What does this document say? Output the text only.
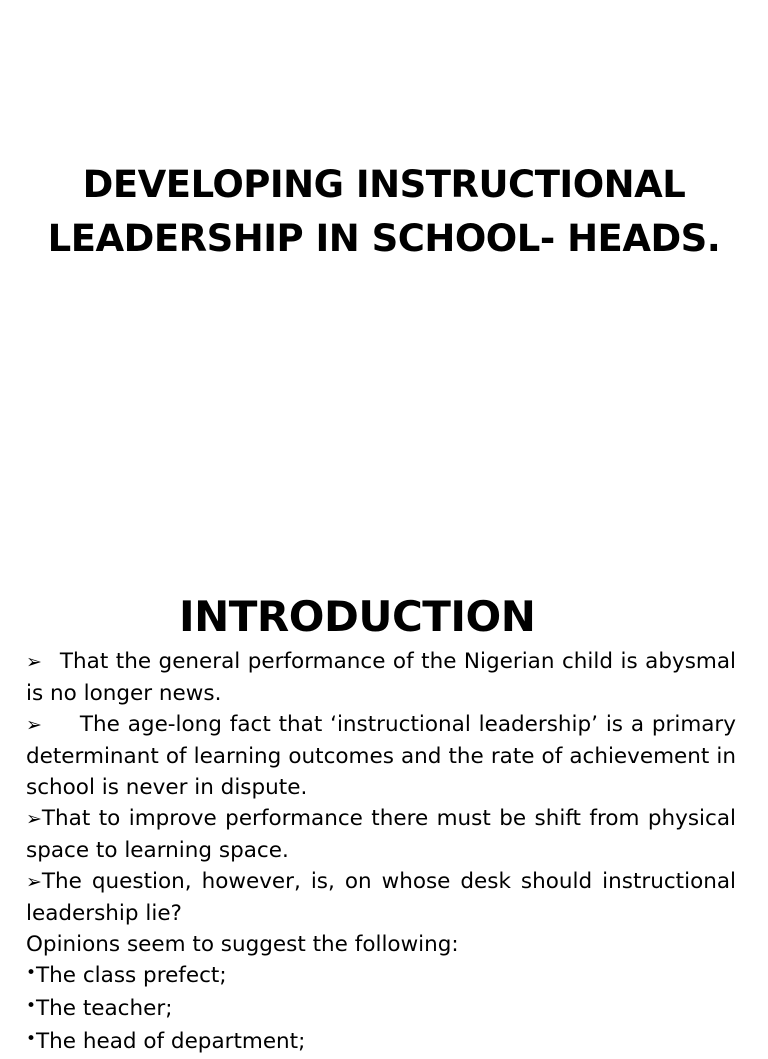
DEVELOPING INSTRUCTIONAL
LEADERSHIP IN SCHOOL- HEADS.
INTRODUCTION

➢ That the general performance of the Nigerian child is abysmal is no longer news.

➢ The age-long fact that ‘instructional leadership’ is a primary determinant of learning outcomes and the rate of achievement in school is never in dispute.

➢That to improve performance there must be shift from physical space to learning space.

➢The question, however, is, on whose desk should instructional leadership lie?

Opinions seem to suggest the following:

•The class prefect;

•The teacher;

•The head of department;
